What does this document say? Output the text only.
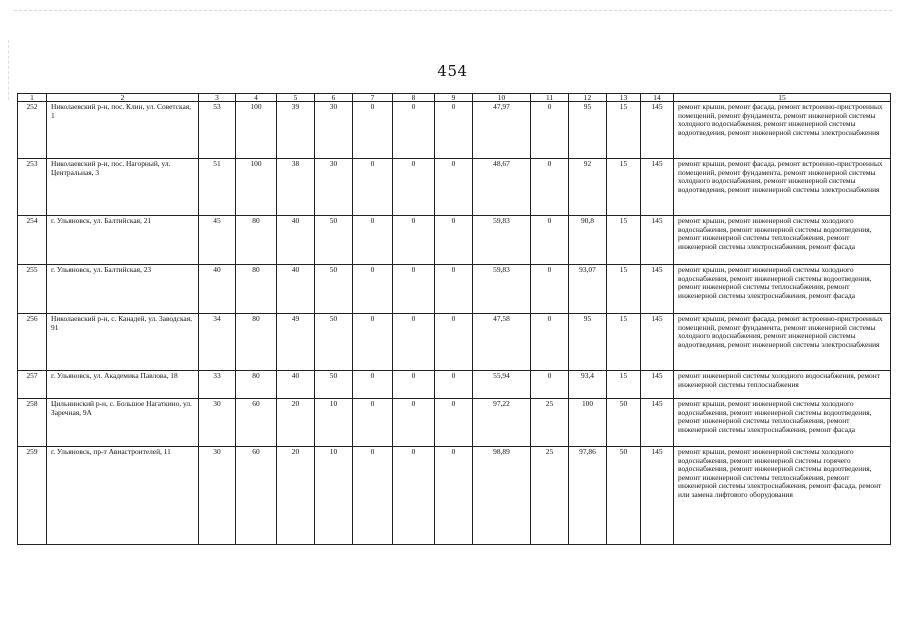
454
1	2	3	4	5	6	7	8	9	10	11	12	13	14	15
252	Николаевский р-н, пос. Клин, ул. Советская, 1	53	100	39	30	0	0	0	47,97	0	95	15	145	ремонт крыши, ремонт фасада, ремонт встроенно-пристроенных помещений, ремонт фундамента, ремонт инженерной системы холодного водоснабжения, ремонт инженерной системы водоотведения, ремонт инженерной системы электроснабжения
253	Николаевский р-н, пос. Нагорный, ул. Центральная, 3	51	100	38	30	0	0	0	48,67	0	92	15	145	ремонт крыши, ремонт фасада, ремонт встроенно-пристроенных помещений, ремонт фундамента, ремонт инженерной системы холодного водоснабжения, ремонт инженерной системы водоотведения, ремонт инженерной системы электроснабжения
254	г. Ульяновск, ул. Балтийская, 21	45	80	40	50	0	0	0	59,83	0	90,8	15	145	ремонт крыши, ремонт инженерной системы холодного водоснабжения, ремонт инженерной системы водоотведения, ремонт инженерной системы теплоснабжения, ремонт инженерной системы электроснабжения, ремонт фасада
255	г. Ульяновск, ул. Балтийская, 23	40	80	40	50	0	0	0	59,83	0	93,07	15	145	ремонт крыши, ремонт инженерной системы холодного водоснабжения, ремонт инженерной системы водоотведения, ремонт инженерной системы теплоснабжения, ремонт инженерной системы электроснабжения, ремонт фасада
256	Николаевский р-н, с. Канадей, ул. Заводская, 91	34	80	49	50	0	0	0	47,58	0	95	15	145	ремонт крыши, ремонт фасада, ремонт встроенно-пристроенных помещений, ремонт фундамента, ремонт инженерной системы холодного водоснабжения, ремонт инженерной системы водоотведения, ремонт инженерной системы электроснабжения
257	г. Ульяновск, ул. Академика Павлова, 18	33	80	40	50	0	0	0	55,94	0	93,4	15	145	ремонт инженерной системы холодного водоснабжения, ремонт инженерной системы теплоснабжения
258	Цильнинский р-н, с. Большое Нагаткино, ул. Заречная, 9А	30	60	20	10	0	0	0	97,22	25	100	50	145	ремонт крыши, ремонт инженерной системы холодного водоснабжения, ремонт инженерной системы водоотведения, ремонт инженерной системы теплоснабжения, ремонт инженерной системы электроснабжения, ремонт фасада
259	г. Ульяновск, пр-т Авиастроителей, 11	30	60	20	10	0	0	0	98,89	25	97,86	50	145	ремонт крыши, ремонт инженерной системы холодного водоснабжения, ремонт инженерной системы горячего водоснабжения, ремонт инженерной системы водоотведения, ремонт инженерной системы теплоснабжения, ремонт инженерной системы электроснабжения, ремонт фасада, ремонт или замена лифтового оборудования
